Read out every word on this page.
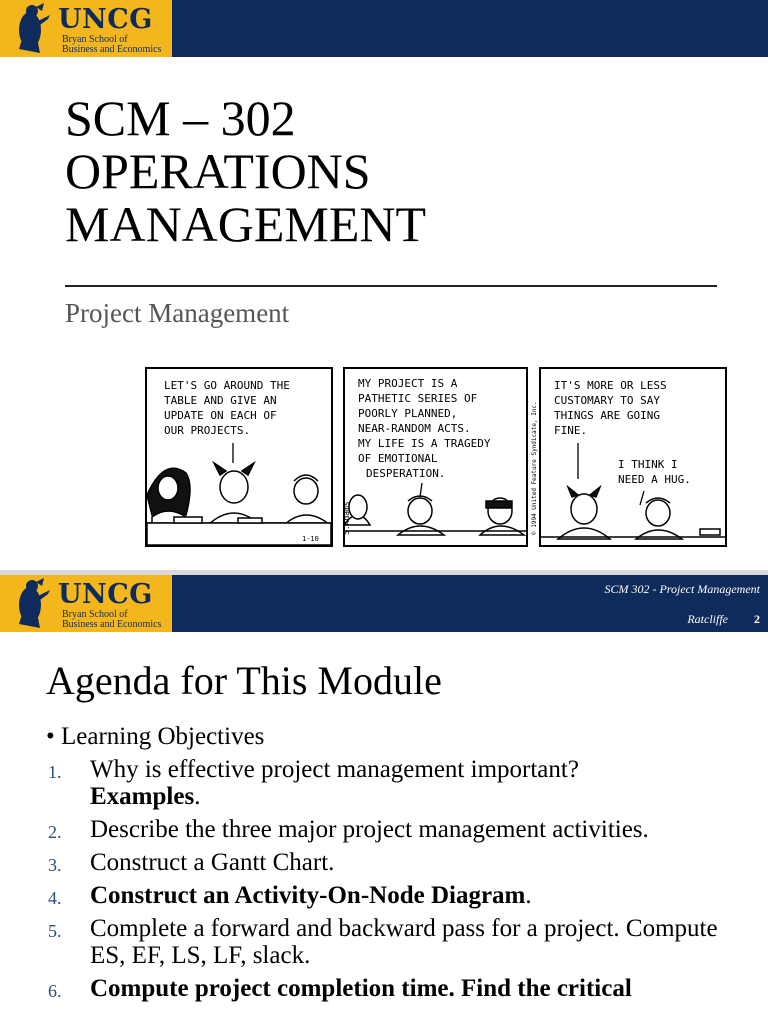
UNCG
Bryan School of
Business and Economics
SCM – 302
OPERATIONS
MANAGEMENT
Project Management
LET'S GO AROUND THE
TABLE AND GIVE AN
UPDATE ON EACH OF
OUR PROJECTS.
1-10
MY PROJECT IS A
PATHETIC SERIES OF
POORLY PLANNED,
NEAR-RANDOM ACTS.
MY LIFE IS A TRAGEDY
OF EMOTIONAL
DESPERATION.
S.Adams	© 1994 United Feature Syndicate, Inc.
IT'S MORE OR LESS
CUSTOMARY TO SAY
THINGS ARE GOING
FINE.
I THINK I
NEED A HUG.
UNCG
Bryan School of
Business and Economics
SCM 302 - Project Management
Ratcliffe 2
Agenda for This Module
• Learning Objectives
1. Why is effective project management important?
Examples.
2. Describe the three major project management activities.
3. Construct a Gantt Chart.
4. Construct an Activity-On-Node Diagram.
5. Complete a forward and backward pass for a project. Compute ES, EF, LS, LF, slack.
6. Compute project completion time. Find the critical
